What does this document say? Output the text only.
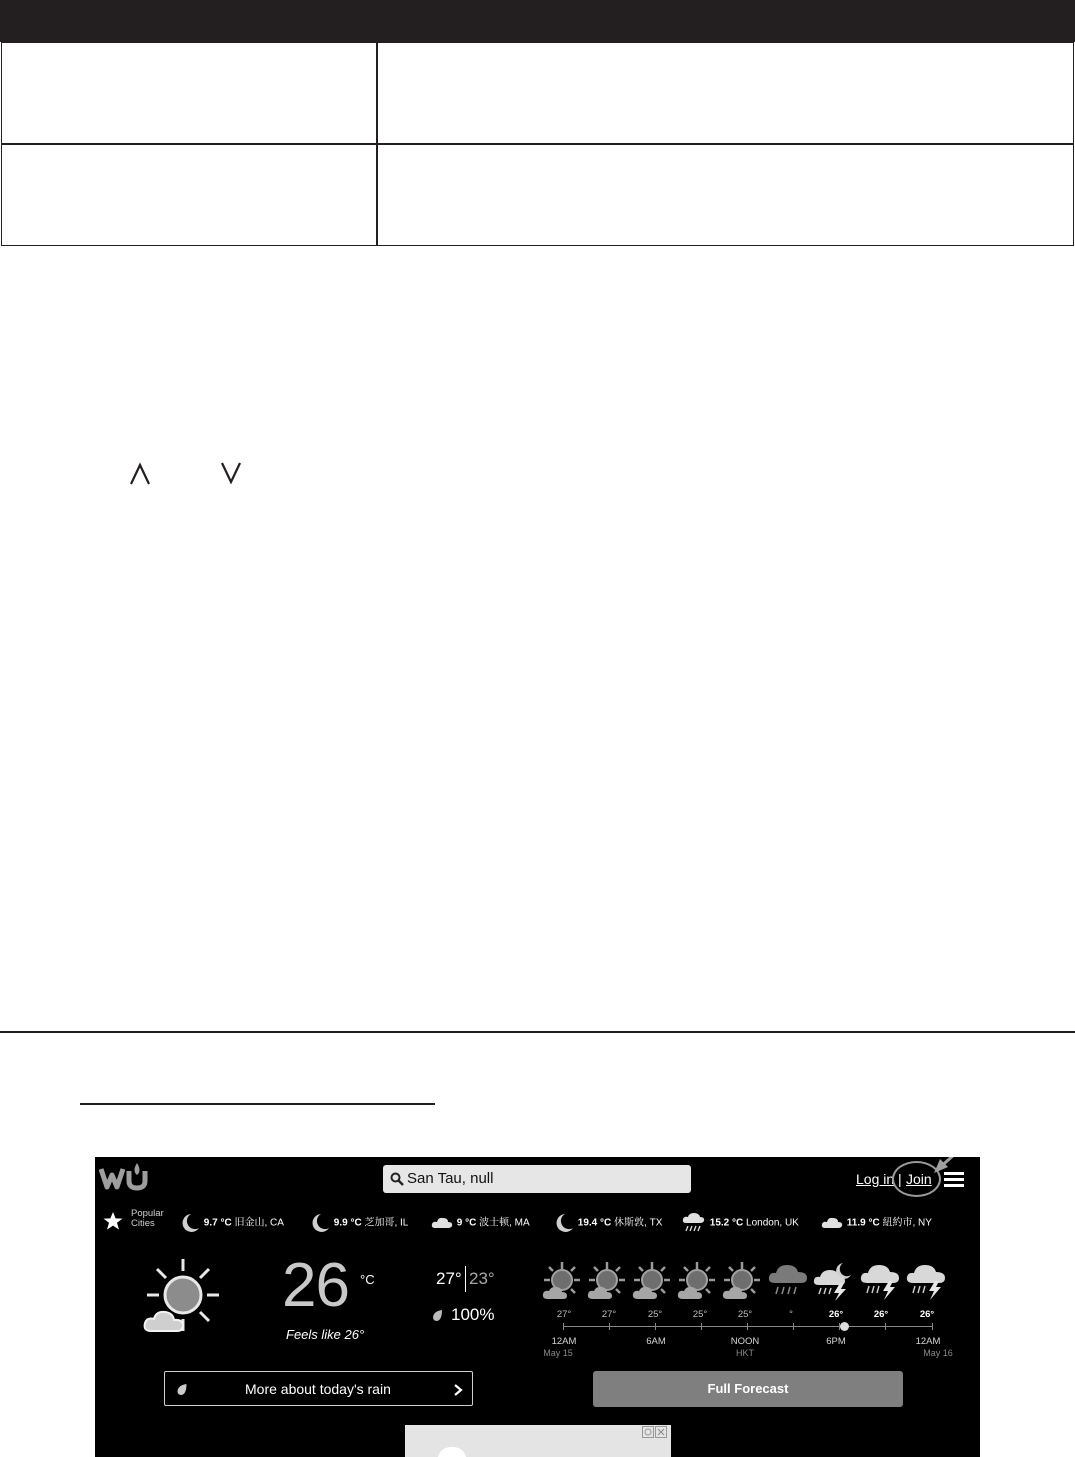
San Tau, null	Log in | Join
Popular
Cities	9.7 °C 旧金山, CA	9.9 °C 芝加哥, IL	9 °C 波士顿, MA	19.4 °C 休斯敦, TX	15.2 °C London, UK	11.9 °C 紐約市, NY
26 °C
Feels like 26°
27° 23°
100%	27°	27°	25°	25°	25°	°	26°	26°	26°
12AM	6AM	NOON	6PM	12AM
May 15	HKT	May 16
More about today's rain	Full Forecast
